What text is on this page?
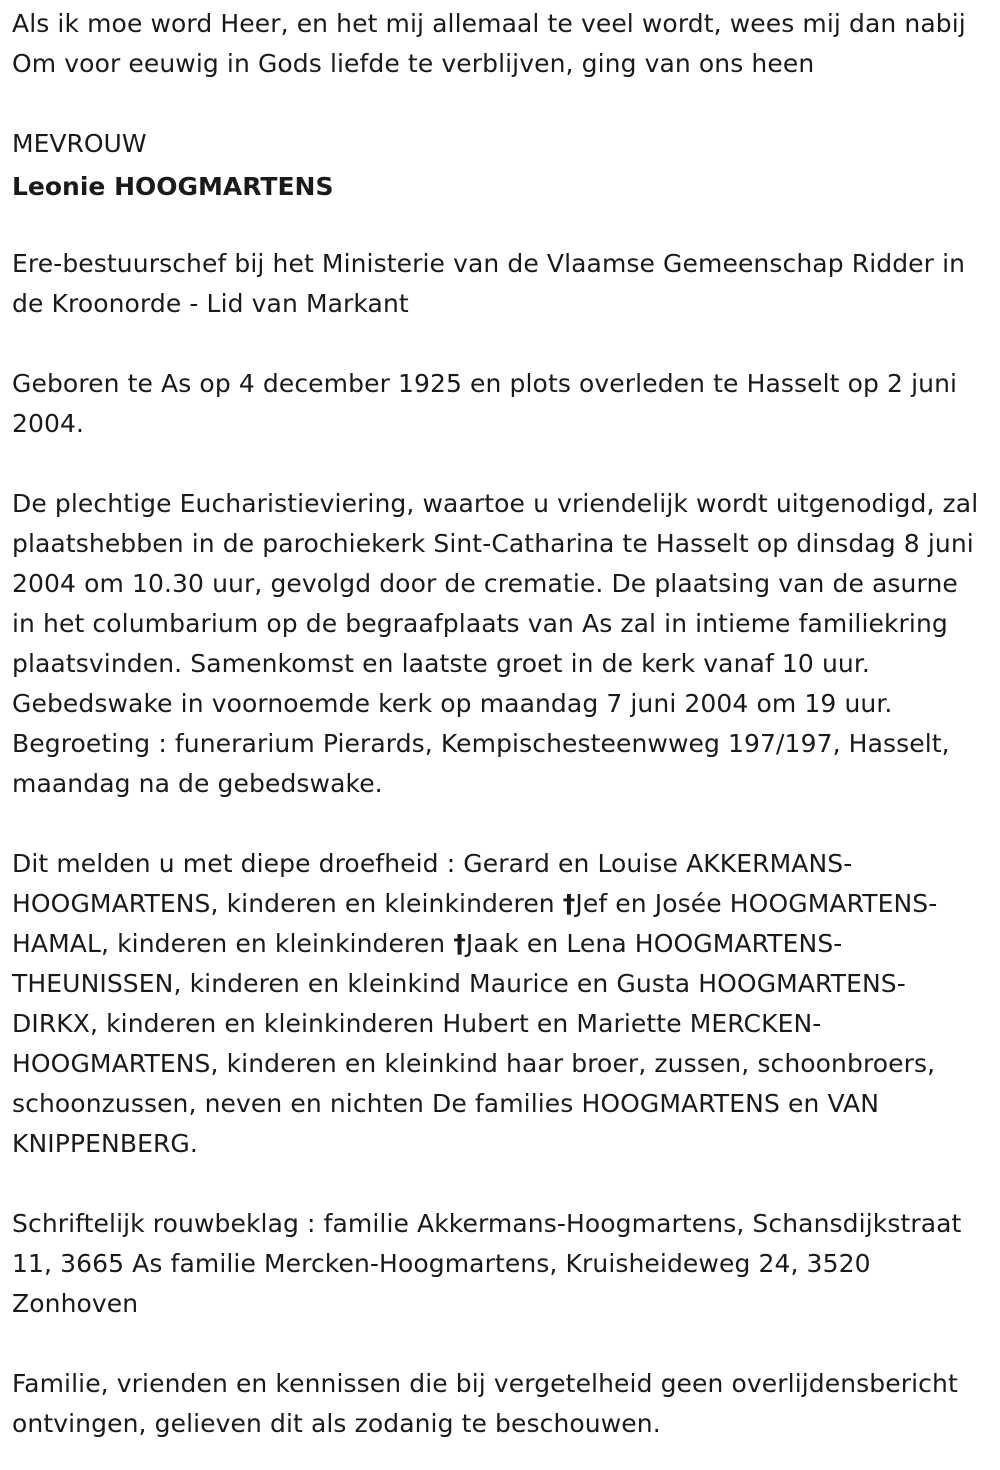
Als ik moe word Heer, en het mij allemaal te veel wordt, wees mij dan nabij Om voor eeuwig in Gods liefde te verblijven, ging van ons heen

MEVROUW

Leonie HOOGMARTENS

Ere-bestuurschef bij het Ministerie van de Vlaamse Gemeenschap Ridder in de Kroonorde - Lid van Markant

Geboren te As op 4 december 1925 en plots overleden te Hasselt op 2 juni 2004.

De plechtige Eucharistieviering, waartoe u vriendelijk wordt uitgenodigd, zal plaatshebben in de parochiekerk Sint-Catharina te Hasselt op dinsdag 8 juni 2004 om 10.30 uur, gevolgd door de crematie. De plaatsing van de asurne in het columbarium op de begraafplaats van As zal in intieme familiekring plaatsvinden. Samenkomst en laatste groet in de kerk vanaf 10 uur. Gebedswake in voornoemde kerk op maandag 7 juni 2004 om 19 uur. Begroeting : funerarium Pierards, Kempischesteenwweg 197/197, Hasselt, maandag na de gebedswake.

Dit melden u met diepe droefheid : Gerard en Louise AKKERMANS-HOOGMARTENS, kinderen en kleinkinderen †Jef en Josée HOOGMARTENS-HAMAL, kinderen en kleinkinderen †Jaak en Lena HOOGMARTENS-THEUNISSEN, kinderen en kleinkind Maurice en Gusta HOOGMARTENS-DIRKX, kinderen en kleinkinderen Hubert en Mariette MERCKEN-HOOGMARTENS, kinderen en kleinkind haar broer, zussen, schoonbroers, schoonzussen, neven en nichten De families HOOGMARTENS en VAN KNIPPENBERG.

Schriftelijk rouwbeklag : familie Akkermans-Hoogmartens, Schansdijkstraat 11, 3665 As familie Mercken-Hoogmartens, Kruisheideweg 24, 3520 Zonhoven

Familie, vrienden en kennissen die bij vergetelheid geen overlijdensbericht ontvingen, gelieven dit als zodanig te beschouwen.
